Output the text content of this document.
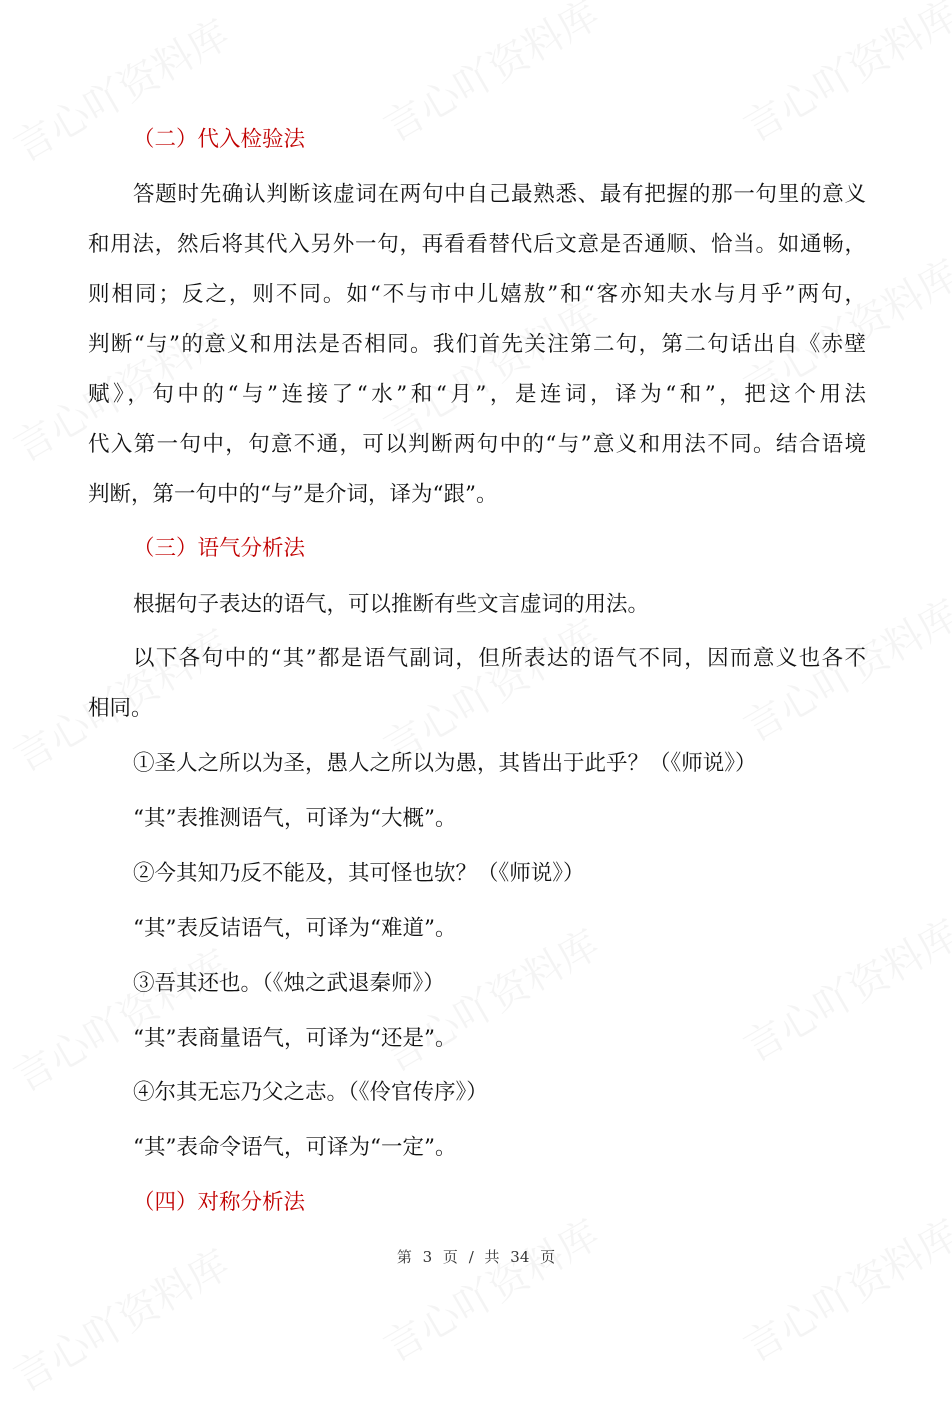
（二）代入检验法
答题时先确认判断该虚词在两句中自己最熟悉、最有把握的那一句里的意义
和用法，然后将其代入另外一句，再看看替代后文意是否通顺、恰当。如通畅，
则相同；反之，则不同。如“不与市中儿嬉敖”和“客亦知夫水与月乎”两句，
判断“与”的意义和用法是否相同。我们首先关注第二句，第二句话出自《赤壁
赋》，句中的“与”连接了“水”和“月”，是连词，译为“和”，把这个用法
代入第一句中，句意不通，可以判断两句中的“与”意义和用法不同。结合语境
判断，第一句中的“与”是介词，译为“跟”。
（三）语气分析法
根据句子表达的语气，可以推断有些文言虚词的用法。
以下各句中的“其”都是语气副词，但所表达的语气不同，因而意义也各不
相同。
①圣人之所以为圣，愚人之所以为愚，其皆出于此乎？（《师说》）
“其”表推测语气，可译为“大概”。
②今其知乃反不能及，其可怪也欤？（《师说》）
“其”表反诘语气，可译为“难道”。
③吾其还也。（《烛之武退秦师》）
“其”表商量语气，可译为“还是”。
④尔其无忘乃父之志。（《伶官传序》）
“其”表命令语气，可译为“一定”。
（四）对称分析法
第 3 页 / 共 34 页
